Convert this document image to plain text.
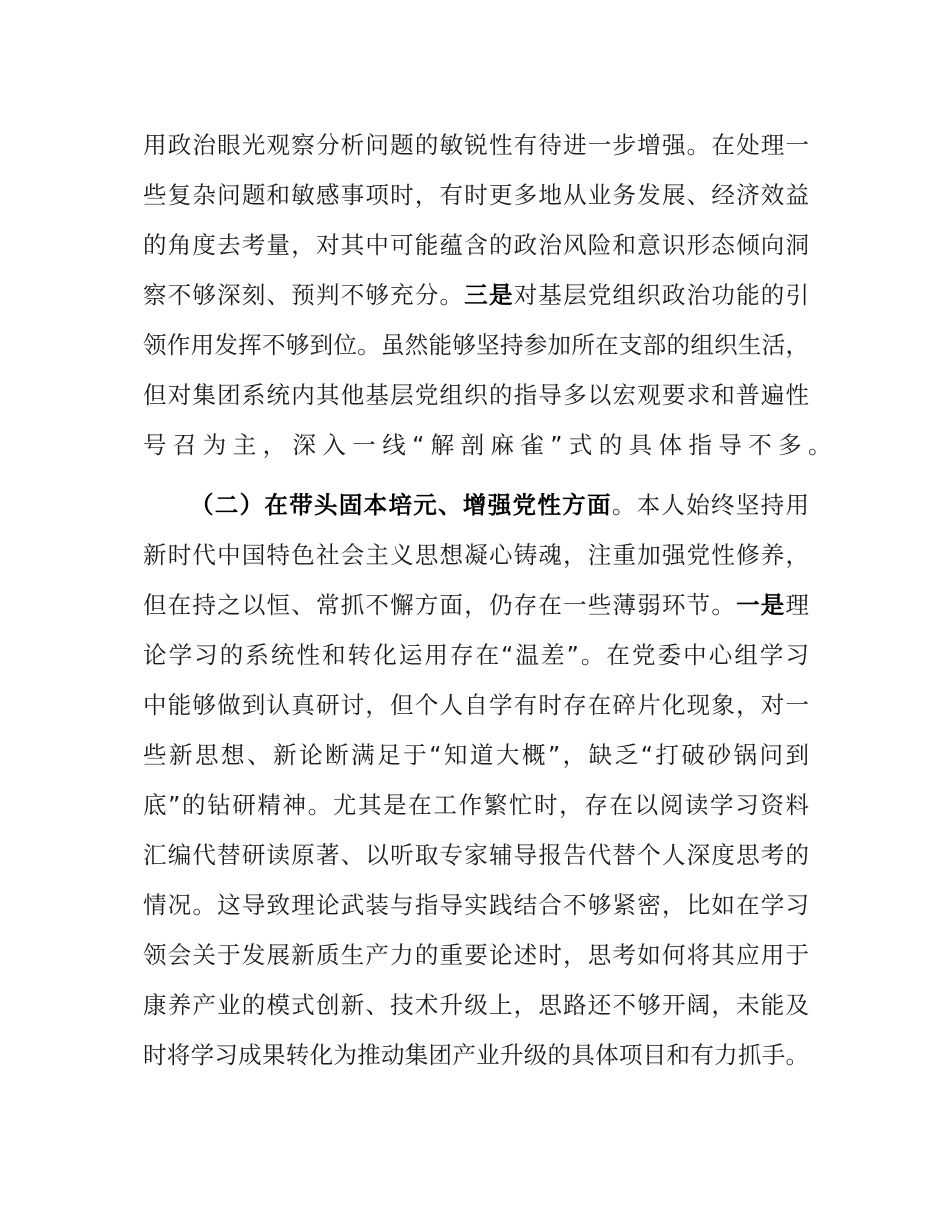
用政治眼光观察分析问题的敏锐性有待进一步增强。在处理一
些复杂问题和敏感事项时，有时更多地从业务发展、经济效益
的角度去考量，对其中可能蕴含的政治风险和意识形态倾向洞
察不够深刻、预判不够充分。三是对基层党组织政治功能的引
领作用发挥不够到位。虽然能够坚持参加所在支部的组织生活，
但对集团系统内其他基层党组织的指导多以宏观要求和普遍性
号召为主，深入一线“解剖麻雀”式的具体指导不多。
（二）在带头固本培元、增强党性方面。本人始终坚持用
新时代中国特色社会主义思想凝心铸魂，注重加强党性修养，
但在持之以恒、常抓不懈方面，仍存在一些薄弱环节。一是理
论学习的系统性和转化运用存在“温差”。在党委中心组学习
中能够做到认真研讨，但个人自学有时存在碎片化现象，对一
些新思想、新论断满足于“知道大概”，缺乏“打破砂锅问到
底”的钻研精神。尤其是在工作繁忙时，存在以阅读学习资料
汇编代替研读原著、以听取专家辅导报告代替个人深度思考的
情况。这导致理论武装与指导实践结合不够紧密，比如在学习
领会关于发展新质生产力的重要论述时，思考如何将其应用于
康养产业的模式创新、技术升级上，思路还不够开阔，未能及
时将学习成果转化为推动集团产业升级的具体项目和有力抓手。
